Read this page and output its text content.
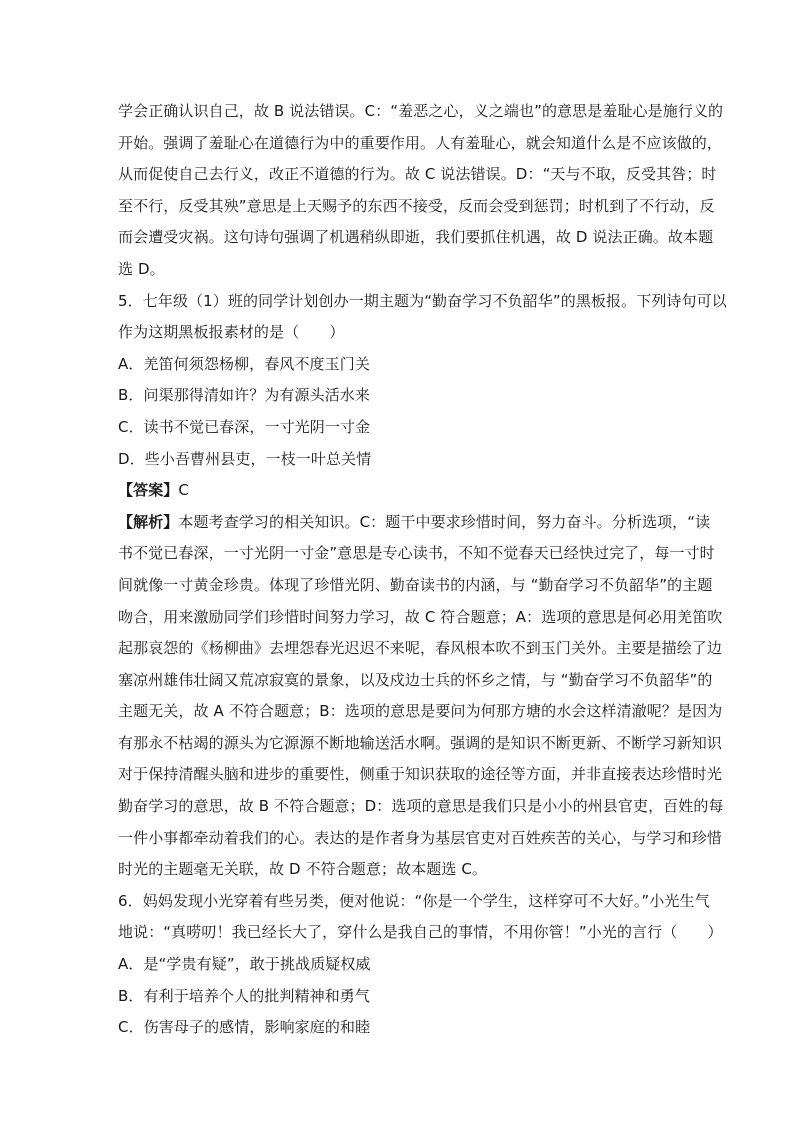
学会正确认识自己，故 B 说法错误。C：“羞恶之心，义之端也”的意思是羞耻心是施行义的
开始。强调了羞耻心在道德行为中的重要作用。人有羞耻心，就会知道什么是不应该做的，
从而促使自己去行义，改正不道德的行为。故 C 说法错误。D：“天与不取，反受其咎；时
至不行，反受其殃”意思是上天赐予的东西不接受，反而会受到惩罚；时机到了不行动，反
而会遭受灾祸。这句诗句强调了机遇稍纵即逝，我们要抓住机遇，故 D 说法正确。故本题
选 D。
5．七年级（1）班的同学计划创办一期主题为“勤奋学习不负韶华”的黑板报。下列诗句可以
作为这期黑板报素材的是（　　）
A．羌笛何须怨杨柳，春风不度玉门关
B．问渠那得清如许？为有源头活水来
C．读书不觉已春深，一寸光阴一寸金
D．些小吾曹州县吏，一枝一叶总关情
【答案】C
【解析】本题考查学习的相关知识。C：题干中要求珍惜时间，努力奋斗。分析选项，“读
书不觉已春深，一寸光阴一寸金”意思是专心读书，不知不觉春天已经快过完了，每一寸时
间就像一寸黄金珍贵。体现了珍惜光阴、勤奋读书的内涵，与 “勤奋学习不负韶华”的主题
吻合，用来激励同学们珍惜时间努力学习，故 C 符合题意；A：选项的意思是何必用羌笛吹
起那哀怨的《杨柳曲》去埋怨春光迟迟不来呢，春风根本吹不到玉门关外。主要是描绘了边
塞凉州雄伟壮阔又荒凉寂寞的景象，以及戍边士兵的怀乡之情，与 “勤奋学习不负韶华”的
主题无关，故 A 不符合题意；B：选项的意思是要问为何那方塘的水会这样清澈呢？是因为
有那永不枯竭的源头为它源源不断地输送活水啊。强调的是知识不断更新、不断学习新知识
对于保持清醒头脑和进步的重要性，侧重于知识获取的途径等方面，并非直接表达珍惜时光
勤奋学习的意思，故 B 不符合题意；D：选项的意思是我们只是小小的州县官吏，百姓的每
一件小事都牵动着我们的心。表达的是作者身为基层官吏对百姓疾苦的关心，与学习和珍惜
时光的主题毫无关联，故 D 不符合题意；故本题选 C。
6．妈妈发现小光穿着有些另类，便对他说：“你是一个学生，这样穿可不大好。”小光生气
地说：“真唠叨！我已经长大了，穿什么是我自己的事情，不用你管！”小光的言行（　　）
A．是“学贵有疑”，敢于挑战质疑权威
B．有利于培养个人的批判精神和勇气
C．伤害母子的感情，影响家庭的和睦
